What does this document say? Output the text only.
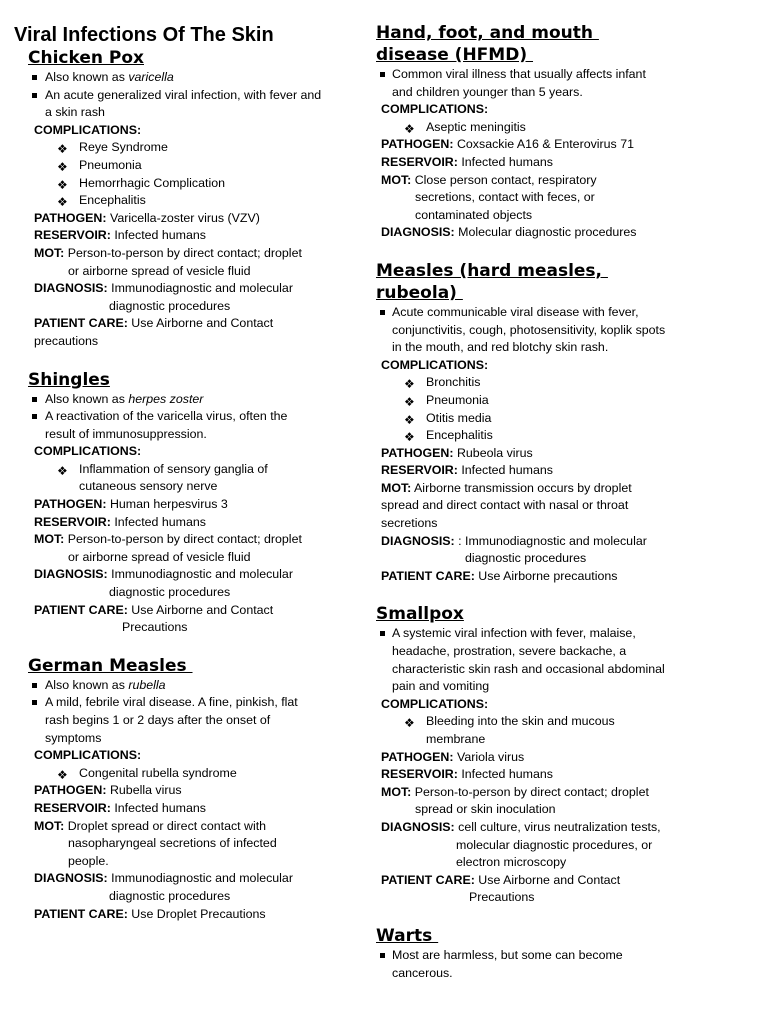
Viral Infections Of The Skin
Chicken Pox
Also known as varicella
An acute generalized viral infection, with fever and
a skin rash
COMPLICATIONS:
❖ Reye Syndrome
❖ Pneumonia
❖ Hemorrhagic Complication
❖ Encephalitis
PATHOGEN: Varicella-zoster virus (VZV)
RESERVOIR: Infected humans
MOT: Person-to-person by direct contact; droplet
or airborne spread of vesicle fluid
DIAGNOSIS: Immunodiagnostic and molecular
diagnostic procedures
PATIENT CARE: Use Airborne and Contact
precautions
Shingles
Also known as herpes zoster
A reactivation of the varicella virus, often the
result of immunosuppression.
COMPLICATIONS:
❖ Inflammation of sensory ganglia of
cutaneous sensory nerve
PATHOGEN: Human herpesvirus 3
RESERVOIR: Infected humans
MOT: Person-to-person by direct contact; droplet
or airborne spread of vesicle fluid
DIAGNOSIS: Immunodiagnostic and molecular
diagnostic procedures
PATIENT CARE: Use Airborne and Contact
Precautions
German Measles
Also known as rubella
A mild, febrile viral disease. A fine, pinkish, flat
rash begins 1 or 2 days after the onset of
symptoms
COMPLICATIONS:
❖ Congenital rubella syndrome
PATHOGEN: Rubella virus
RESERVOIR: Infected humans
MOT: Droplet spread or direct contact with
nasopharyngeal secretions of infected
people.
DIAGNOSIS: Immunodiagnostic and molecular
diagnostic procedures
PATIENT CARE: Use Droplet Precautions
Hand, foot, and mouth
disease (HFMD)
Common viral illness that usually affects infant
and children younger than 5 years.
COMPLICATIONS:
❖ Aseptic meningitis
PATHOGEN: Coxsackie A16 & Enterovirus 71
RESERVOIR: Infected humans
MOT: Close person contact, respiratory
secretions, contact with feces, or
contaminated objects
DIAGNOSIS: Molecular diagnostic procedures
Measles (hard measles,
rubeola)
Acute communicable viral disease with fever,
conjunctivitis, cough, photosensitivity, koplik spots
in the mouth, and red blotchy skin rash.
COMPLICATIONS:
❖ Bronchitis
❖ Pneumonia
❖ Otitis media
❖ Encephalitis
PATHOGEN: Rubeola virus
RESERVOIR: Infected humans
MOT: Airborne transmission occurs by droplet
spread and direct contact with nasal or throat
secretions
DIAGNOSIS: : Immunodiagnostic and molecular
diagnostic procedures
PATIENT CARE: Use Airborne precautions
Smallpox
A systemic viral infection with fever, malaise,
headache, prostration, severe backache, a
characteristic skin rash and occasional abdominal
pain and vomiting
COMPLICATIONS:
❖ Bleeding into the skin and mucous
membrane
PATHOGEN: Variola virus
RESERVOIR: Infected humans
MOT: Person-to-person by direct contact; droplet
spread or skin inoculation
DIAGNOSIS: cell culture, virus neutralization tests,
molecular diagnostic procedures, or
electron microscopy
PATIENT CARE: Use Airborne and Contact
Precautions
Warts
Most are harmless, but some can become
cancerous.
